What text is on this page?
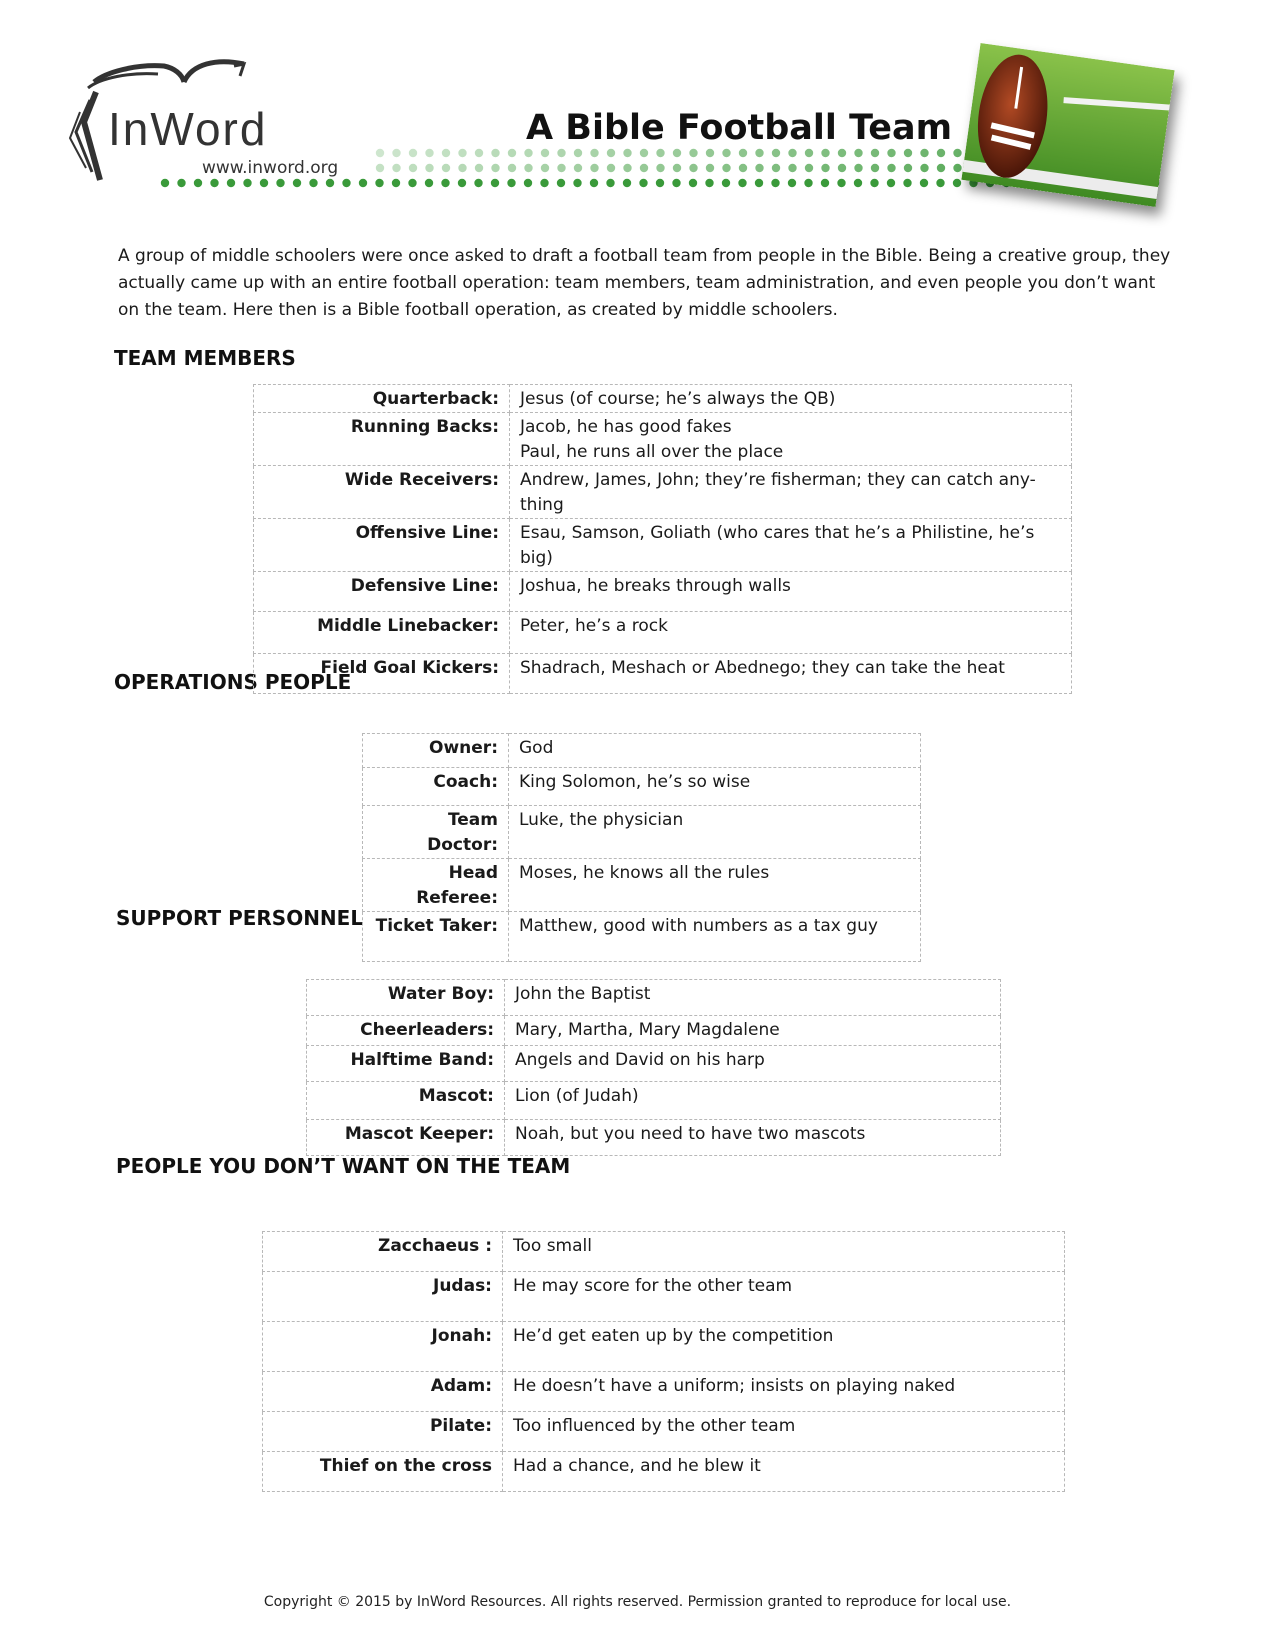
InWord
www.inword.org
A Bible Football Team
A group of middle schoolers were once asked to draft a football team from people in the Bible. Being a creative group, they actually came up with an entire football operation: team members, team administration, and even people you don’t want on the team. Here then is a Bible football operation, as created by middle schoolers.
TEAM MEMBERS
OPERATIONS PEOPLE
SUPPORT PERSONNEL
PEOPLE YOU DON’T WANT ON THE TEAM
Quarterback:	Jesus (of course; he’s always the QB)
Running Backs:	Jacob, he has good fakes
Paul, he runs all over the place
Wide Receivers:	Andrew, James, John; they’re fisherman; they can catch any-
thing
Offensive Line:	Esau, Samson, Goliath (who cares that he’s a Philistine, he’s big)
Defensive Line:	Joshua, he breaks through walls
Middle Linebacker:	Peter, he’s a rock
Field Goal Kickers:	Shadrach, Meshach or Abednego; they can take the heat
Owner:	God
Coach:	King Solomon, he’s so wise
Team Doctor:	Luke, the physician
Head Referee:	Moses, he knows all the rules
Ticket Taker:	Matthew, good with numbers as a tax guy
Water Boy:	John the Baptist
Cheerleaders:	Mary, Martha, Mary Magdalene
Halftime Band:	Angels and David on his harp
Mascot:	Lion (of Judah)
Mascot Keeper:	Noah, but you need to have two mascots
Zacchaeus :	Too small
Judas:	He may score for the other team
Jonah:	He’d get eaten up by the competition
Adam:	He doesn’t have a uniform; insists on playing naked
Pilate:	Too influenced by the other team
Thief on the cross	Had a chance, and he blew it
Copyright © 2015 by InWord Resources. All rights reserved. Permission granted to reproduce for local use.
